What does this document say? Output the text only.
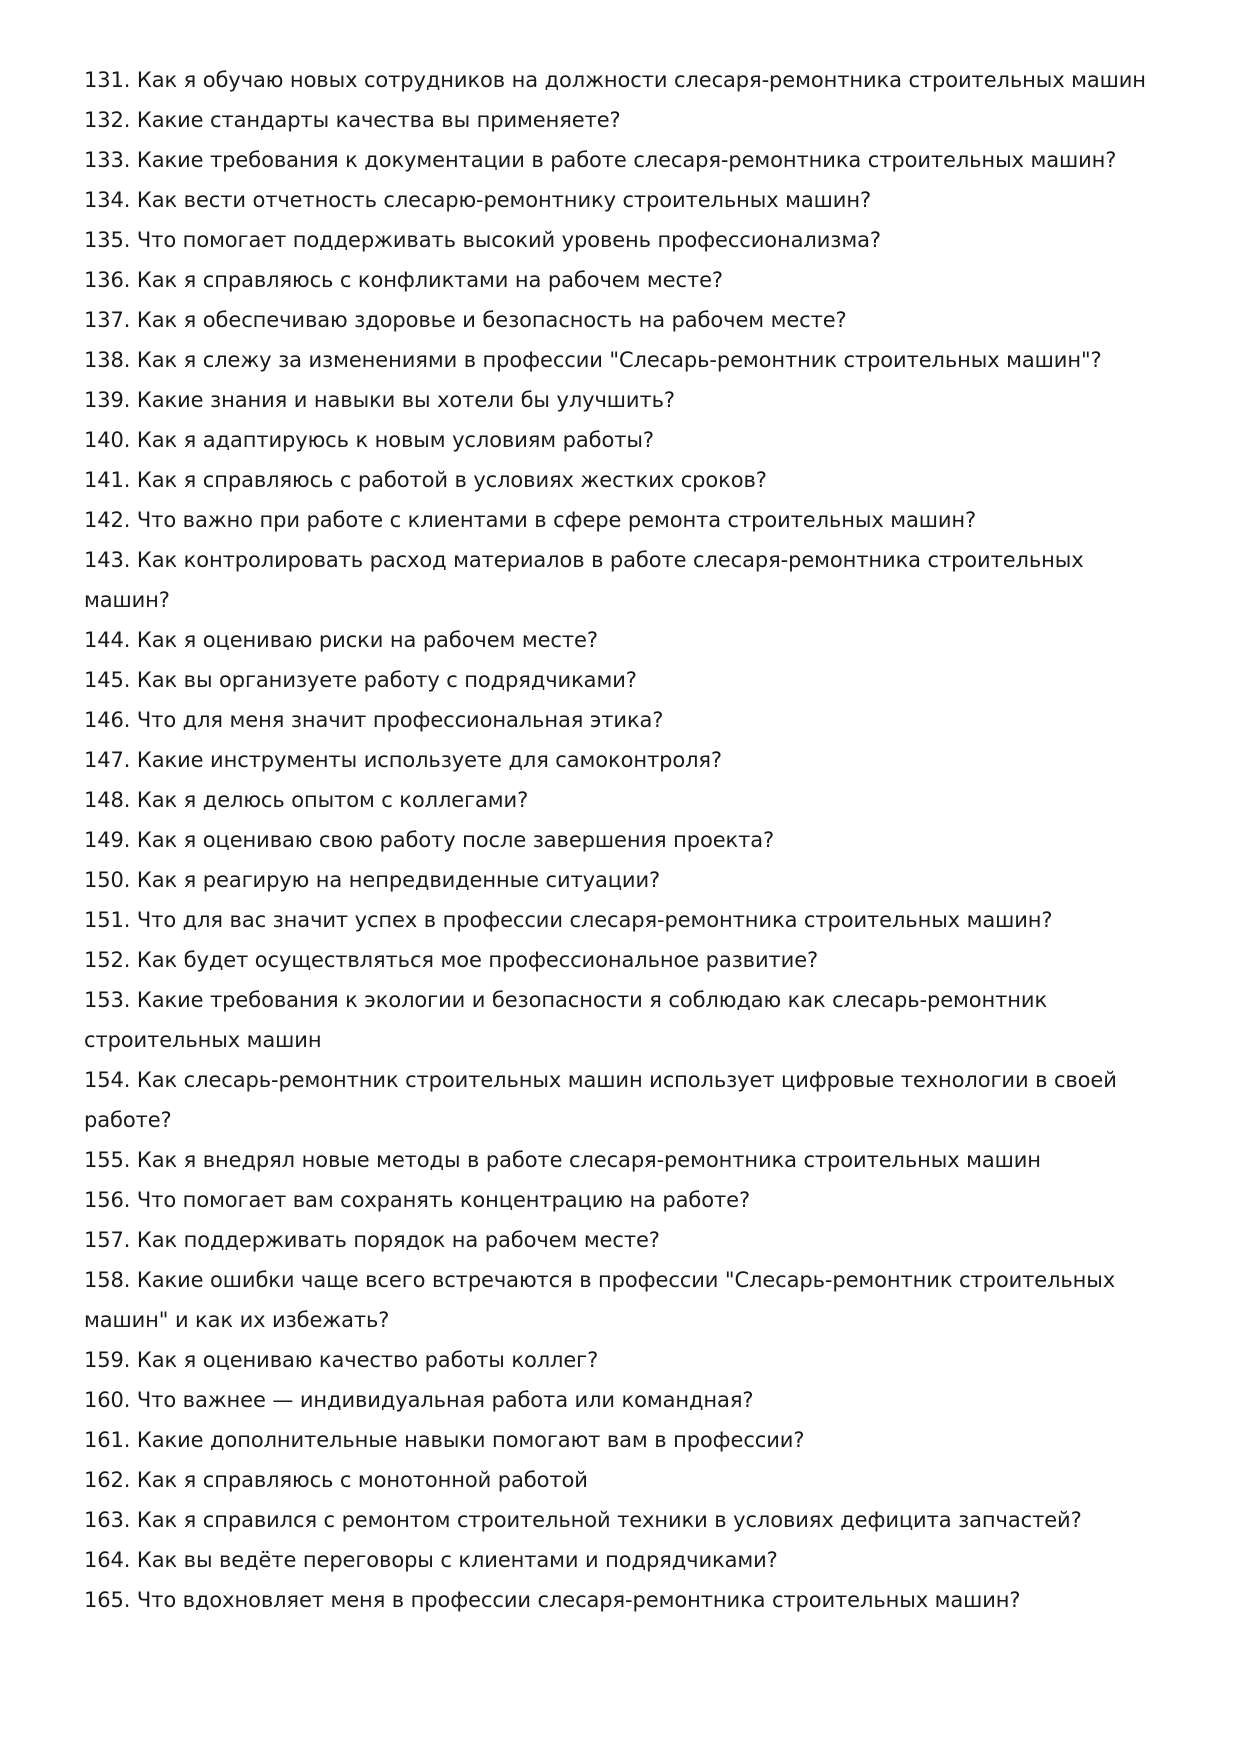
131. Как я обучаю новых сотрудников на должности слесаря-ремонтника строительных машин
132. Какие стандарты качества вы применяете?
133. Какие требования к документации в работе слесаря-ремонтника строительных машин?
134. Как вести отчетность слесарю-ремонтнику строительных машин?
135. Что помогает поддерживать высокий уровень профессионализма?
136. Как я справляюсь с конфликтами на рабочем месте?
137. Как я обеспечиваю здоровье и безопасность на рабочем месте?
138. Как я слежу за изменениями в профессии "Слесарь-ремонтник строительных машин"?
139. Какие знания и навыки вы хотели бы улучшить?
140. Как я адаптируюсь к новым условиям работы?
141. Как я справляюсь с работой в условиях жестких сроков?
142. Что важно при работе с клиентами в сфере ремонта строительных машин?
143. Как контролировать расход материалов в работе слесаря-ремонтника строительных машин?
144. Как я оцениваю риски на рабочем месте?
145. Как вы организуете работу с подрядчиками?
146. Что для меня значит профессиональная этика?
147. Какие инструменты используете для самоконтроля?
148. Как я делюсь опытом с коллегами?
149. Как я оцениваю свою работу после завершения проекта?
150. Как я реагирую на непредвиденные ситуации?
151. Что для вас значит успех в профессии слесаря-ремонтника строительных машин?
152. Как будет осуществляться мое профессиональное развитие?
153. Какие требования к экологии и безопасности я соблюдаю как слесарь-ремонтник строительных машин
154. Как слесарь-ремонтник строительных машин использует цифровые технологии в своей работе?
155. Как я внедрял новые методы в работе слесаря-ремонтника строительных машин
156. Что помогает вам сохранять концентрацию на работе?
157. Как поддерживать порядок на рабочем месте?
158. Какие ошибки чаще всего встречаются в профессии "Слесарь-ремонтник строительных машин" и как их избежать?
159. Как я оцениваю качество работы коллег?
160. Что важнее — индивидуальная работа или командная?
161. Какие дополнительные навыки помогают вам в профессии?
162. Как я справляюсь с монотонной работой
163. Как я справился с ремонтом строительной техники в условиях дефицита запчастей?
164. Как вы ведёте переговоры с клиентами и подрядчиками?
165. Что вдохновляет меня в профессии слесаря-ремонтника строительных машин?
